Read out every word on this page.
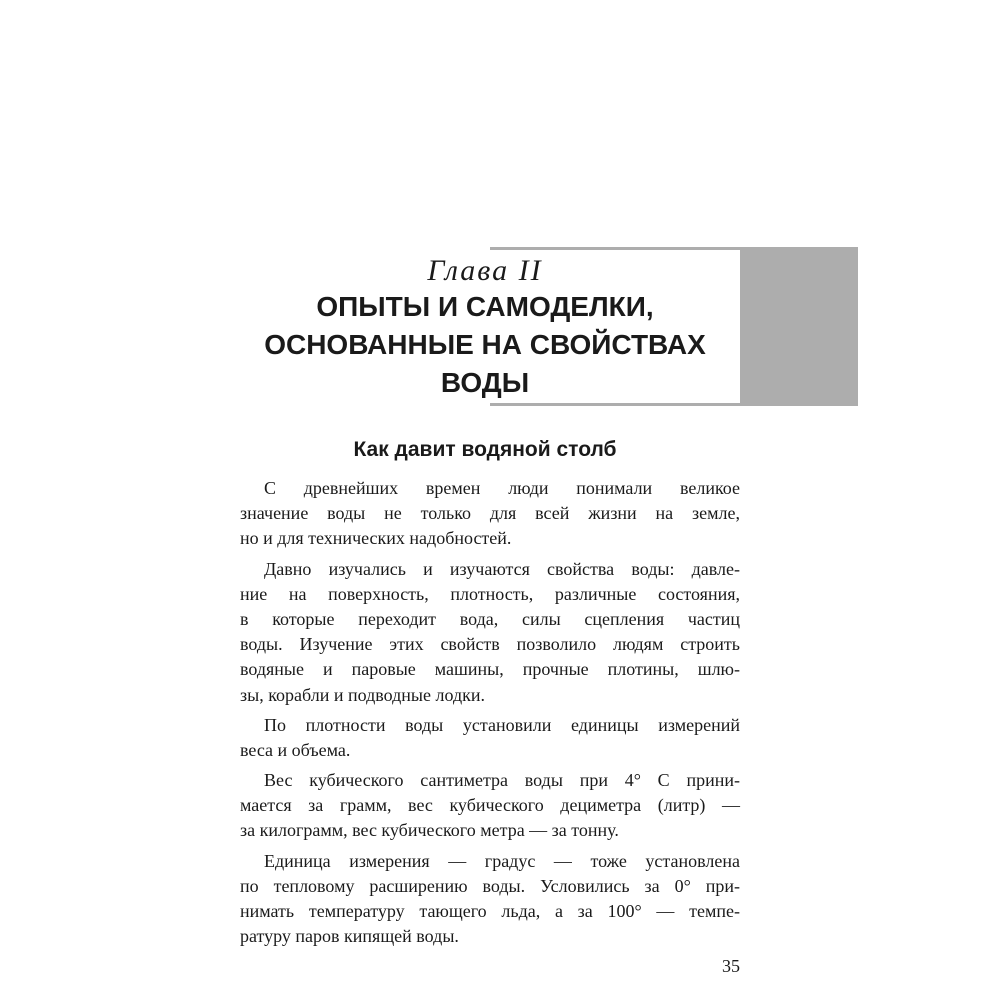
Глава II
ОПЫТЫ И САМОДЕЛКИ,
ОСНОВАННЫЕ НА СВОЙСТВАХ
ВОДЫ
Как давит водяной столб
С древнейших времен люди понимали великое
значение воды не только для всей жизни на земле,
но и для технических надобностей.
Давно изучались и изучаются свойства воды: давле-
ние на поверхность, плотность, различные состояния,
в которые переходит вода, силы сцепления частиц
воды. Изучение этих свойств позволило людям строить
водяные и паровые машины, прочные плотины, шлю-
зы, корабли и подводные лодки.
По плотности воды установили единицы измерений
веса и объема.
Вес кубического сантиметра воды при 4° С прини-
мается за грамм, вес кубического дециметра (литр) —
за килограмм, вес кубического метра — за тонну.
Единица измерения — градус — тоже установлена
по тепловому расширению воды. Условились за 0° при-
нимать температуру тающего льда, а за 100° — темпе-
ратуру паров кипящей воды.
35
